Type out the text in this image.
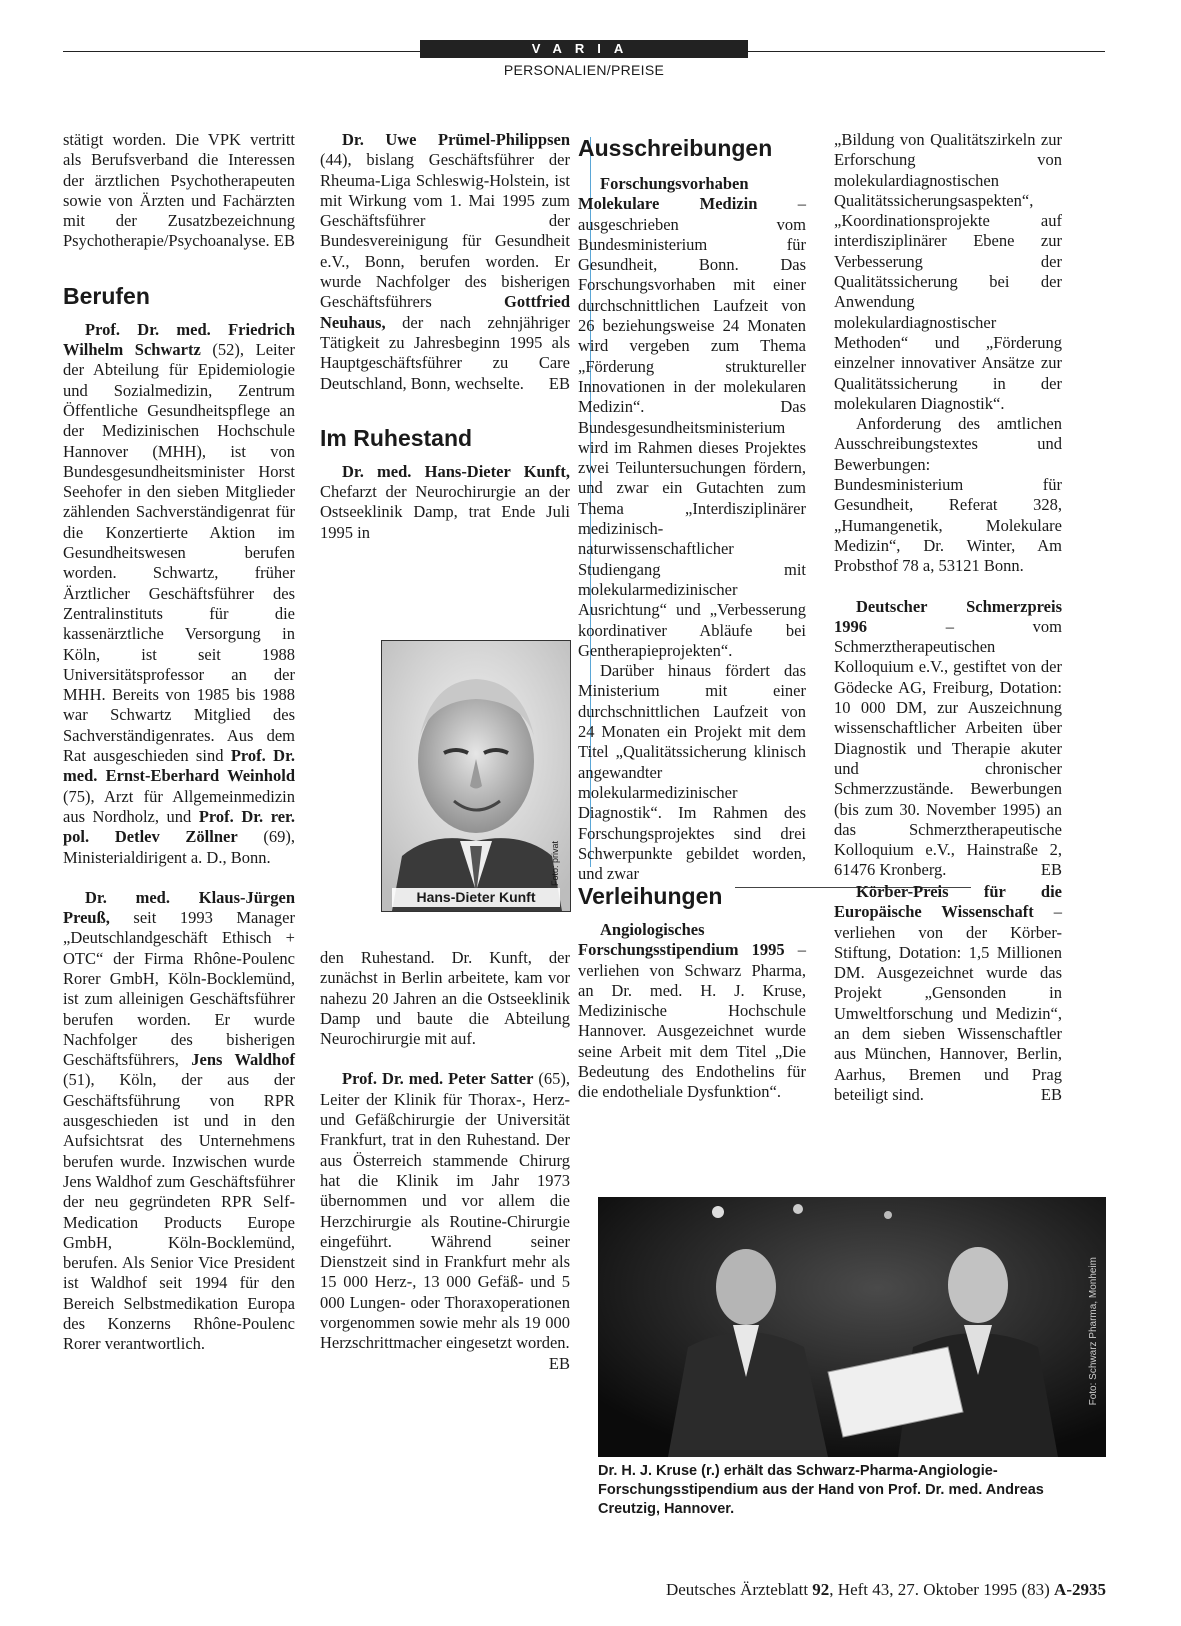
VARIA
PERSONALIEN/PREISE

stätigt worden. Die VPK vertritt als Berufsverband die Interessen der ärztlichen Psychotherapeuten sowie von Ärzten und Fachärzten mit der Zusatzbezeichnung Psychotherapie/Psychoanalyse. EB

Berufen

Prof. Dr. med. Friedrich Wilhelm Schwartz (52), Leiter der Abteilung für Epidemiologie und Sozialmedizin, Zentrum Öffentliche Gesundheitspflege an der Medizinischen Hochschule Hannover (MHH), ist von Bundesgesundheitsminister Horst Seehofer in den sieben Mitglieder zählenden Sachverständigenrat für die Konzertierte Aktion im Gesundheitswesen berufen worden. Schwartz, früher Ärztlicher Geschäftsführer des Zentralinstituts für die kassenärztliche Versorgung in Köln, ist seit 1988 Universitätsprofessor an der MHH. Bereits von 1985 bis 1988 war Schwartz Mitglied des Sachverständigenrates. Aus dem Rat ausgeschieden sind Prof. Dr. med. Ernst-Eberhard Weinhold (75), Arzt für Allgemeinmedizin aus Nordholz, und Prof. Dr. rer. pol. Detlev Zöllner (69), Ministerialdirigent a. D., Bonn.

Dr. med. Klaus-Jürgen Preuß, seit 1993 Manager „Deutschlandgeschäft Ethisch + OTC“ der Firma Rhône-Poulenc Rorer GmbH, Köln-Bocklemünd, ist zum alleinigen Geschäftsführer berufen worden. Er wurde Nachfolger des bisherigen Geschäftsführers, Jens Waldhof (51), Köln, der aus der Geschäftsführung von RPR ausgeschieden ist und in den Aufsichtsrat des Unternehmens berufen wurde. Inzwischen wurde Jens Waldhof zum Geschäftsführer der neu gegründeten RPR Self-Medication Products Europe GmbH, Köln-Bocklemünd, berufen. Als Senior Vice President ist Waldhof seit 1994 für den Bereich Selbstmedikation Europa des Konzerns Rhône-Poulenc Rorer verantwortlich.

Dr. Uwe Prümel-Philippsen (44), bislang Geschäftsführer der Rheuma-Liga Schleswig-Holstein, ist mit Wirkung vom 1. Mai 1995 zum Geschäftsführer der Bundesvereinigung für Gesundheit e.V., Bonn, berufen worden. Er wurde Nachfolger des bisherigen Geschäftsführers Gottfried Neuhaus, der nach zehnjähriger Tätigkeit zu Jahresbeginn 1995 als Hauptgeschäftsführer zu Care Deutschland, Bonn, wechselte. EB

Im Ruhestand

Dr. med. Hans-Dieter Kunft, Chefarzt der Neurochirurgie an der Ostseeklinik Damp, trat Ende Juli 1995 in

Foto: privat
Hans-Dieter Kunft

den Ruhestand. Dr. Kunft, der zunächst in Berlin arbeitete, kam vor nahezu 20 Jahren an die Ostseeklinik Damp und baute die Abteilung Neurochirurgie mit auf.

Prof. Dr. med. Peter Satter (65), Leiter der Klinik für Thorax-, Herz- und Gefäßchirurgie der Universität Frankfurt, trat in den Ruhestand. Der aus Österreich stammende Chirurg hat die Klinik im Jahr 1973 übernommen und vor allem die Herzchirurgie als Routine-Chirurgie eingeführt. Während seiner Dienstzeit sind in Frankfurt mehr als 15 000 Herz-, 13 000 Gefäß- und 5 000 Lungen- oder Thoraxoperationen vorgenommen sowie mehr als 19 000 Herzschrittmacher eingesetzt worden.
EB

Ausschreibungen

Forschungsvorhaben Molekulare Medizin – ausgeschrieben vom Bundesministerium für Gesundheit, Bonn. Das Forschungsvorhaben mit einer durchschnittlichen Laufzeit von 26 beziehungsweise 24 Monaten wird vergeben zum Thema „Förderung struktureller Innovationen in der molekularen Medizin“. Das Bundesgesundheitsministerium wird im Rahmen dieses Projektes zwei Teiluntersuchungen fördern, und zwar ein Gutachten zum Thema „Interdisziplinärer medizinisch-naturwissenschaftlicher Studiengang mit molekularmedizinischer Ausrichtung“ und „Verbesserung koordinativer Abläufe bei Gentherapieprojekten“.

Darüber hinaus fördert das Ministerium mit einer durchschnittlichen Laufzeit von 24 Monaten ein Projekt mit dem Titel „Qualitätssicherung klinisch angewandter molekularmedizinischer Diagnostik“. Im Rahmen des Forschungsprojektes sind drei Schwerpunkte gebildet worden, und zwar

„Bildung von Qualitätszirkeln zur Erforschung von molekulardiagnostischen Qualitätssicherungsaspekten“, „Koordinationsprojekte auf interdisziplinärer Ebene zur Verbesserung der Qualitätssicherung bei der Anwendung molekulardiagnostischer Methoden“ und „Förderung einzelner innovativer Ansätze zur Qualitätssicherung in der molekularen Diagnostik“.

Anforderung des amtlichen Ausschreibungstextes und Bewerbungen: Bundesministerium für Gesundheit, Referat 328, „Humangenetik, Molekulare Medizin“, Dr. Winter, Am Probsthof 78 a, 53121 Bonn.

Deutscher Schmerzpreis 1996 – vom Schmerztherapeutischen Kolloquium e.V., gestiftet von der Gödecke AG, Freiburg, Dotation: 10 000 DM, zur Auszeichnung wissenschaftlicher Arbeiten über Diagnostik und Therapie akuter und chronischer Schmerzzustände. Bewerbungen (bis zum 30. November 1995) an das Schmerztherapeutische Kolloquium e.V., Hainstraße 2, 61476 Kronberg.	EB

Verleihungen

Angiologisches Forschungsstipendium 1995 – verliehen von Schwarz Pharma, an Dr. med. H. J. Kruse, Medizinische Hochschule Hannover. Ausgezeichnet wurde seine Arbeit mit dem Titel „Die Bedeutung des Endothelins für die endotheliale Dysfunktion“.

Körber-Preis für die Europäische Wissenschaft – verliehen von der Körber-Stiftung, Dotation: 1,5 Millionen DM. Ausgezeichnet wurde das Projekt „Gensonden in Umweltforschung und Medizin“, an dem sieben Wissenschaftler aus München, Hannover, Berlin, Aarhus, Bremen und Prag beteiligt sind.	EB

Foto: Schwarz Pharma, Monheim
Dr. H. J. Kruse (r.) erhält das Schwarz-Pharma-Angiologie-Forschungsstipendium aus der Hand von Prof. Dr. med. Andreas Creutzig, Hannover.
Deutsches Ärzteblatt 92, Heft 43, 27. Oktober 1995 (83) A-2935
